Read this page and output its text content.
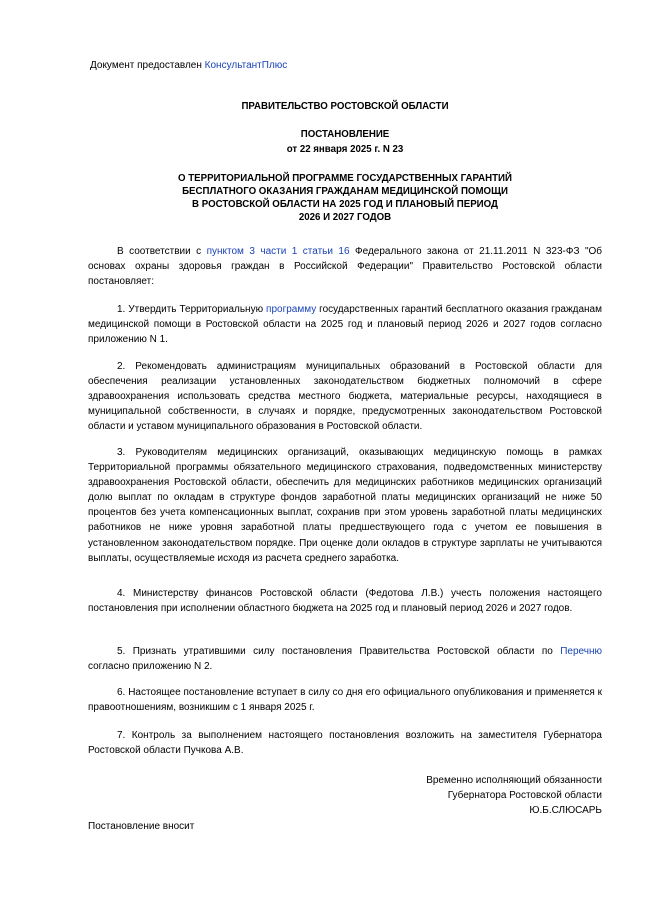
Документ предоставлен КонсультантПлюс
ПРАВИТЕЛЬСТВО РОСТОВСКОЙ ОБЛАСТИ
ПОСТАНОВЛЕНИЕ
от 22 января 2025 г. N 23
О ТЕРРИТОРИАЛЬНОЙ ПРОГРАММЕ ГОСУДАРСТВЕННЫХ ГАРАНТИЙ
БЕСПЛАТНОГО ОКАЗАНИЯ ГРАЖДАНАМ МЕДИЦИНСКОЙ ПОМОЩИ
В РОСТОВСКОЙ ОБЛАСТИ НА 2025 ГОД И ПЛАНОВЫЙ ПЕРИОД
2026 И 2027 ГОДОВ

В соответствии с пунктом 3 части 1 статьи 16 Федерального закона от 21.11.2011 N 323-ФЗ "Об основах охраны здоровья граждан в Российской Федерации" Правительство Ростовской области постановляет:

1. Утвердить Территориальную программу государственных гарантий бесплатного оказания гражданам медицинской помощи в Ростовской области на 2025 год и плановый период 2026 и 2027 годов согласно приложению N 1.

2. Рекомендовать администрациям муниципальных образований в Ростовской области для обеспечения реализации установленных законодательством бюджетных полномочий в сфере здравоохранения использовать средства местного бюджета, материальные ресурсы, находящиеся в муниципальной собственности, в случаях и порядке, предусмотренных законодательством Ростовской области и уставом муниципального образования в Ростовской области.

3. Руководителям медицинских организаций, оказывающих медицинскую помощь в рамках Территориальной программы обязательного медицинского страхования, подведомственных министерству здравоохранения Ростовской области, обеспечить для медицинских работников медицинских организаций долю выплат по окладам в структуре фондов заработной платы медицинских организаций не ниже 50 процентов без учета компенсационных выплат, сохранив при этом уровень заработной платы медицинских работников не ниже уровня заработной платы предшествующего года с учетом ее повышения в установленном законодательством порядке. При оценке доли окладов в структуре зарплаты не учитываются выплаты, осуществляемые исходя из расчета среднего заработка.

4. Министерству финансов Ростовской области (Федотова Л.В.) учесть положения настоящего постановления при исполнении областного бюджета на 2025 год и плановый период 2026 и 2027 годов.

5. Признать утратившими силу постановления Правительства Ростовской области по Перечню согласно приложению N 2.

6. Настоящее постановление вступает в силу со дня его официального опубликования и применяется к правоотношениям, возникшим с 1 января 2025 г.

7. Контроль за выполнением настоящего постановления возложить на заместителя Губернатора Ростовской области Пучкова А.В.

Временно исполняющий обязанности
Губернатора Ростовской области
Ю.Б.СЛЮСАРЬ
Постановление вносит
